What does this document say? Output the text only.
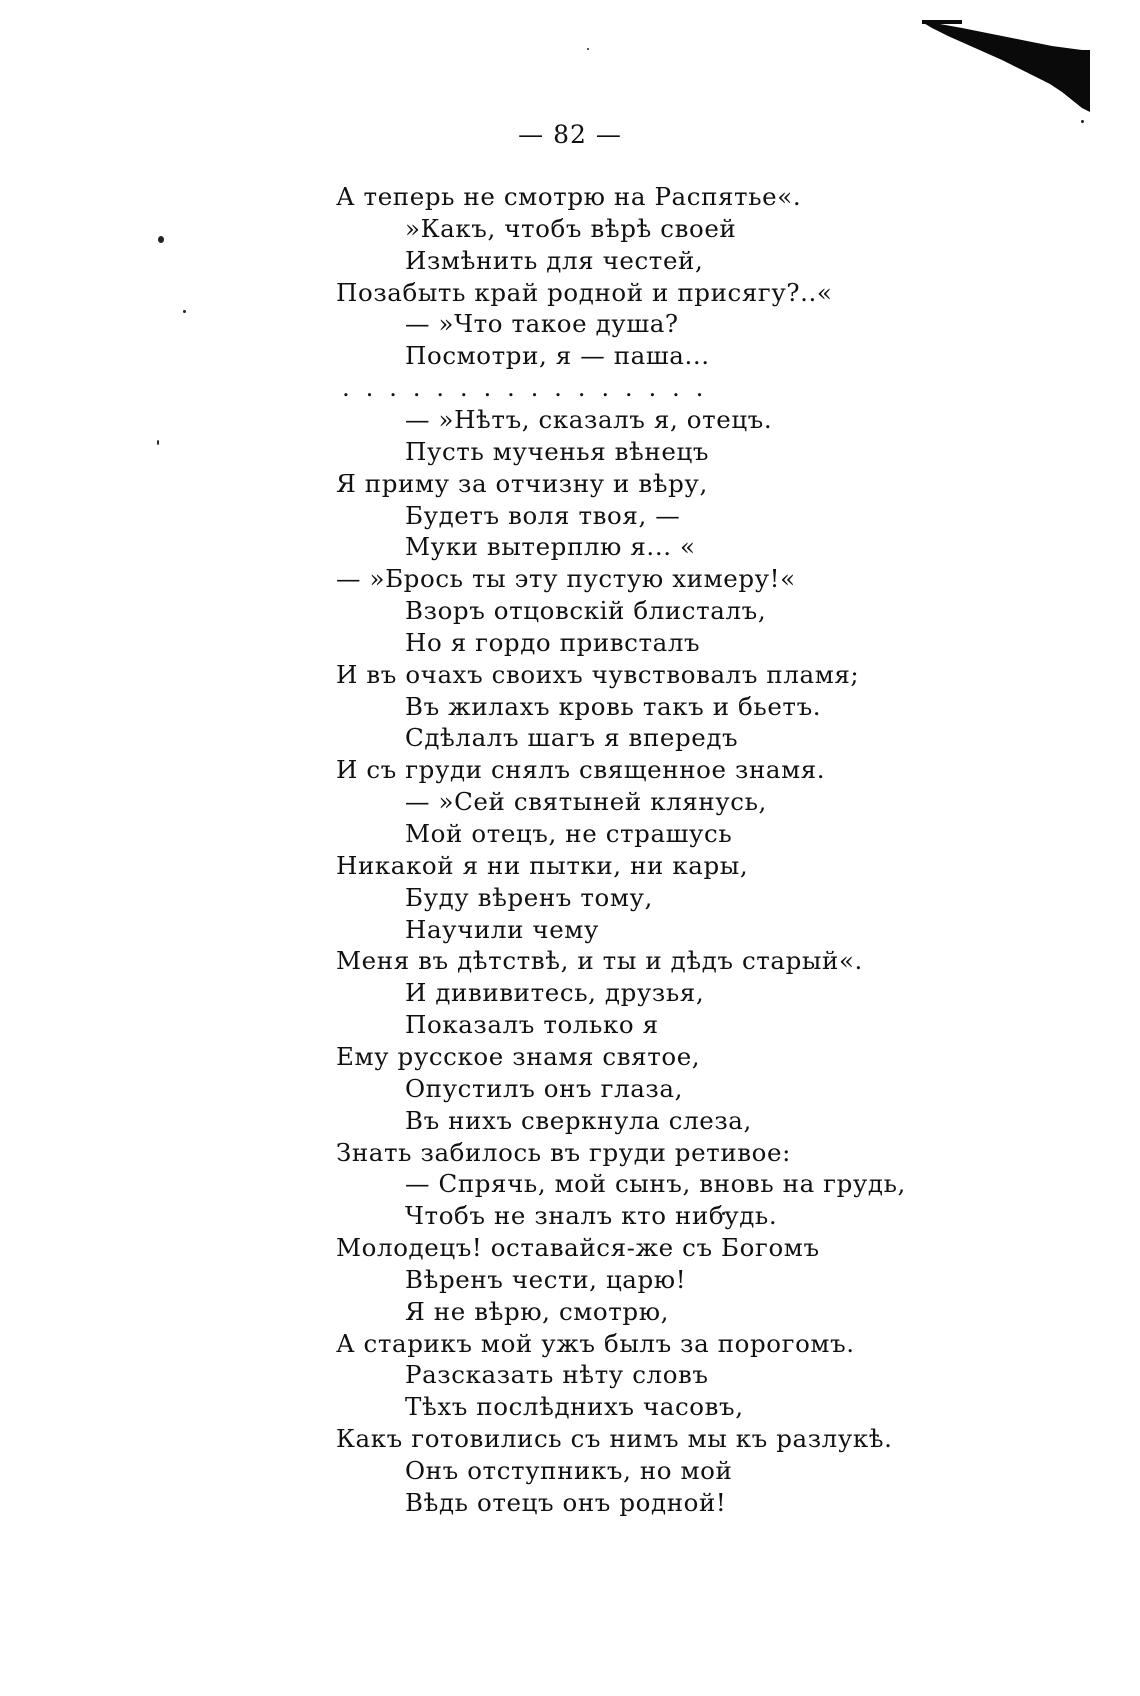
— 82 —
А теперь не смотрю на Распятье«.
»Какъ, чтобъ вѣрѣ своей
Измѣнить для честей,
Позабыть край родной и присягу?..«
— »Что такое душа?
Посмотри, я — паша...
. . . . . . . . . . . . . . . .
— »Нѣтъ, сказалъ я, отецъ.
Пусть мученья вѣнецъ
Я приму за отчизну и вѣру,
Будетъ воля твоя, —
Муки вытерплю я... «
— »Брось ты эту пустую химеру!«
Взоръ отцовскій блисталъ,
Но я гордо привсталъ
И въ очахъ своихъ чувствовалъ пламя;
Въ жилахъ кровь такъ и бьетъ.
Сдѣлалъ шагъ я впередъ
И съ груди снялъ священное знамя.
— »Сей святыней клянусь,
Мой отецъ, не страшусь
Никакой я ни пытки, ни кары,
Буду вѣренъ тому,
Научили чему
Меня въ дѣтствѣ, и ты и дѣдъ старый«.
И дививитесь, друзья,
Показалъ только я
Ему русское знамя святое,
Опустилъ онъ глаза,
Въ нихъ сверкнула слеза,
Знать забилось въ груди ретивое:
— Спрячь, мой сынъ, вновь на грудь,
Чтобъ не зналъ кто нибудь.
Молодецъ! оставайся-же съ Богомъ
Вѣренъ чести, царю!
Я не вѣрю, смотрю,
А старикъ мой ужъ былъ за порогомъ.
Разсказать нѣту словъ
Тѣхъ послѣднихъ часовъ,
Какъ готовились съ нимъ мы къ разлукѣ.
Онъ отступникъ, но мой
Вѣдь отецъ онъ родной!
